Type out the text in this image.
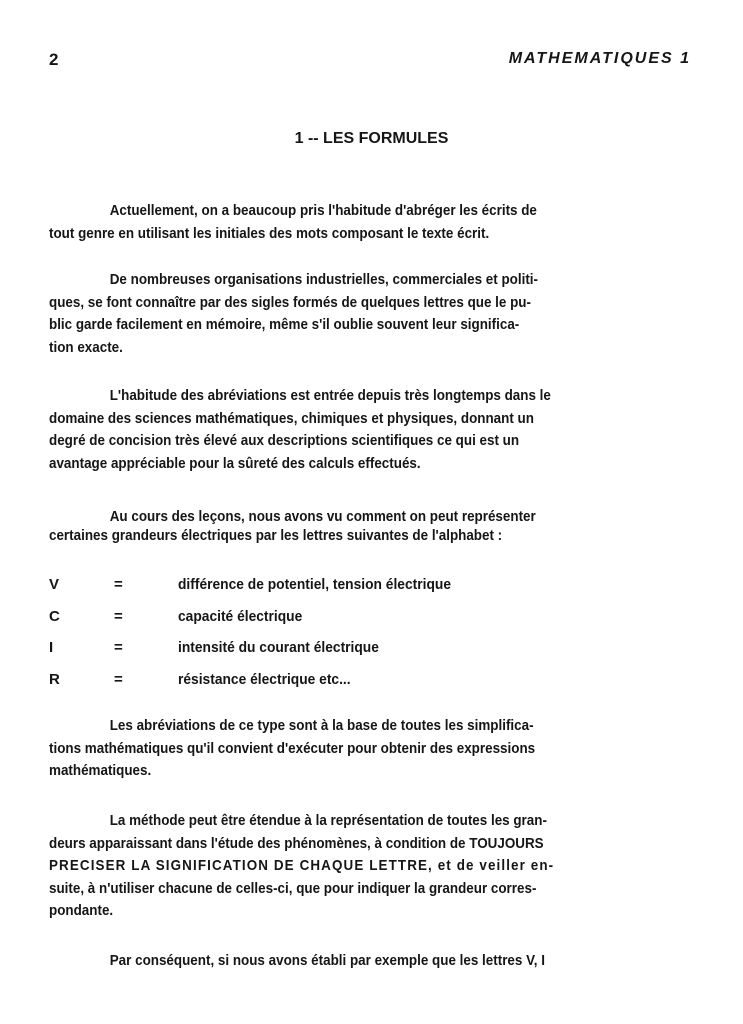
2	MATHEMATIQUES 1
1 -- LES FORMULES
Actuellement, on a beaucoup pris l'habitude d'abréger les écrits de
tout genre en utilisant les initiales des mots composant le texte écrit.
De nombreuses organisations industrielles, commerciales et politi-
ques, se font connaître par des sigles formés de quelques lettres que le pu-
blic garde facilement en mémoire, même s'il oublie souvent leur significa-
tion exacte.
L'habitude des abréviations est entrée depuis très longtemps dans le
domaine des sciences mathématiques, chimiques et physiques, donnant un
degré de concision très élevé aux descriptions scientifiques ce qui est un
avantage appréciable pour la sûreté des calculs effectués.
Au cours des leçons, nous avons vu comment on peut représenter
certaines grandeurs électriques par les lettres suivantes de l'alphabet :
V	=	différence de potentiel, tension électrique
C	=	capacité électrique
I	=	intensité du courant électrique
R	=	résistance électrique etc...
Les abréviations de ce type sont à la base de toutes les simplifica-
tions mathématiques qu'il convient d'exécuter pour obtenir des expressions
mathématiques.
La méthode peut être étendue à la représentation de toutes les gran-
deurs apparaissant dans l'étude des phénomènes, à condition de TOUJOURS
PRECISER LA SIGNIFICATION DE CHAQUE LETTRE, et de veiller en-
suite, à n'utiliser chacune de celles-ci, que pour indiquer la grandeur corres-
pondante.
Par conséquent, si nous avons établi par exemple que les lettres V, I
